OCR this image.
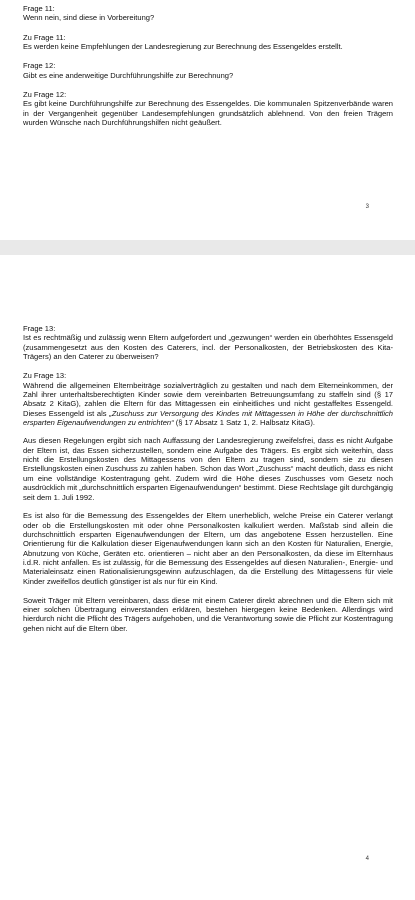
Frage 11:

Wenn nein, sind diese in Vorbereitung?

Zu Frage 11:

Es werden keine Empfehlungen der Landesregierung zur Berechnung des Essengeldes erstellt.

Frage 12:

Gibt es eine anderweitige Durchführungshilfe zur Berechnung?

Zu Frage 12:

Es gibt keine Durchführungshilfe zur Berechnung des Essengeldes. Die kommunalen Spitzenverbände waren in der Vergangenheit gegenüber Landesempfehlungen grundsätzlich ablehnend. Von den freien Trägern wurden Wünsche nach Durchführungshilfen nicht geäußert.

3

Frage 13:

Ist es rechtmäßig und zulässig wenn Eltern aufgefordert und „gezwungen“ werden ein überhöhtes Essensgeld (zusammengesetzt aus den Kosten des Caterers, incl. der Personalkosten, der Betriebskosten des Kita-Trägers) an den Caterer zu überweisen?

Zu Frage 13:

Während die allgemeinen Elternbeiträge sozialverträglich zu gestalten und nach dem Elterneinkommen, der Zahl ihrer unterhaltsberechtigten Kinder sowie dem vereinbarten Betreuungsumfang zu staffeln sind (§ 17 Absatz 2 KitaG), zahlen die Eltern für das Mittagessen ein einheitliches und nicht gestaffeltes Essengeld. Dieses Essengeld ist als „Zuschuss zur Versorgung des Kindes mit Mittagessen in Höhe der durchschnittlich ersparten Eigenaufwendungen zu entrichten“ (§ 17 Absatz 1 Satz 1, 2. Halbsatz KitaG).

Aus diesen Regelungen ergibt sich nach Auffassung der Landesregierung zweifelsfrei, dass es nicht Aufgabe der Eltern ist, das Essen sicherzustellen, sondern eine Aufgabe des Trägers. Es ergibt sich weiterhin, dass nicht die Erstellungskosten des Mittagessens von den Eltern zu tragen sind, sondern sie zu diesen Erstellungskosten einen Zuschuss zu zahlen haben. Schon das Wort „Zuschuss“ macht deutlich, dass es nicht um eine vollständige Kostentragung geht. Zudem wird die Höhe dieses Zuschusses vom Gesetz noch ausdrücklich mit „durchschnittlich ersparten Eigenaufwendungen“ bestimmt. Diese Rechtslage gilt durchgängig seit dem 1. Juli 1992.

Es ist also für die Bemessung des Essengeldes der Eltern unerheblich, welche Preise ein Caterer verlangt oder ob die Erstellungskosten mit oder ohne Personalkosten kalkuliert werden. Maßstab sind allein die durchschnittlich ersparten Eigenaufwendungen der Eltern, um das angebotene Essen herzustellen. Eine Orientierung für die Kalkulation dieser Eigenaufwendungen kann sich an den Kosten für Naturalien, Energie, Abnutzung von Küche, Geräten etc. orientieren – nicht aber an den Personalkosten, da diese im Elternhaus i.d.R. nicht anfallen. Es ist zulässig, für die Bemessung des Essengeldes auf diesen Naturalien-, Energie- und Materialeinsatz einen Rationalisierungsgewinn aufzuschlagen, da die Erstellung des Mittagessens für viele Kinder zweifellos deutlich günstiger ist als nur für ein Kind.

Soweit Träger mit Eltern vereinbaren, dass diese mit einem Caterer direkt abrechnen und die Eltern sich mit einer solchen Übertragung einverstanden erklären, bestehen hiergegen keine Bedenken. Allerdings wird hierdurch nicht die Pflicht des Trägers aufgehoben, und die Verantwortung sowie die Pflicht zur Kostentragung gehen nicht auf die Eltern über.

4
